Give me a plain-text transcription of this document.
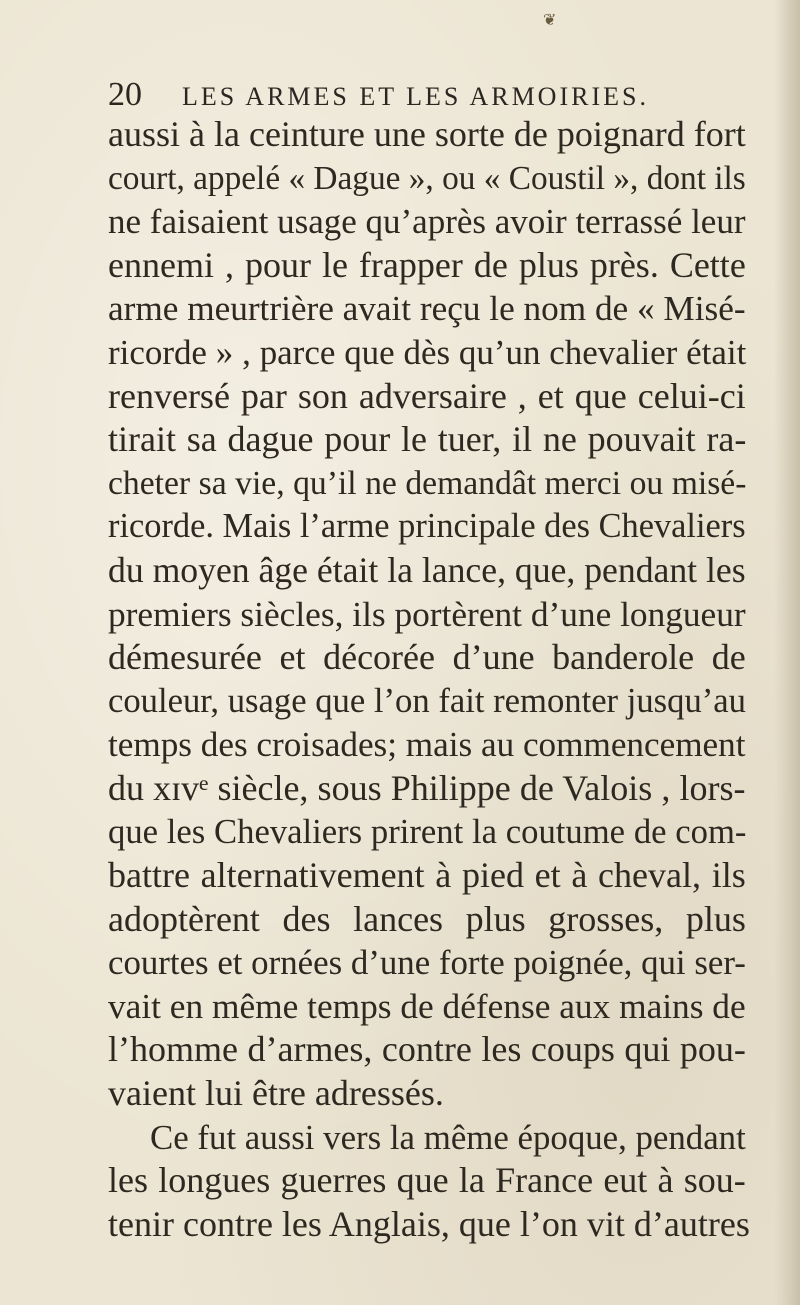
❦
20 LES ARMES ET LES ARMOIRIES.
aussi à la ceinture une sorte de poignard fort
court, appelé « Dague », ou « Coustil », dont ils
ne faisaient usage qu’après avoir terrassé leur
ennemi , pour le frapper de plus près. Cette
arme meurtrière avait reçu le nom de « Misé-
ricorde » , parce que dès qu’un chevalier était
renversé par son adversaire , et que celui-ci
tirait sa dague pour le tuer, il ne pouvait ra-
cheter sa vie, qu’il ne demandât merci ou misé-
ricorde. Mais l’arme principale des Chevaliers
du moyen âge était la lance, que, pendant les
premiers siècles, ils portèrent d’une longueur
démesurée et décorée d’une banderole de
couleur, usage que l’on fait remonter jusqu’au
temps des croisades; mais au commencement
du xɪvᵉ siècle, sous Philippe de Valois , lors-
que les Chevaliers prirent la coutume de com-
battre alternativement à pied et à cheval, ils
adoptèrent des lances plus grosses, plus
courtes et ornées d’une forte poignée, qui ser-
vait en même temps de défense aux mains de
l’homme d’armes, contre les coups qui pou-
vaient lui être adressés.
Ce fut aussi vers la même époque, pendant
les longues guerres que la France eut à sou-
tenir contre les Anglais, que l’on vit d’autres
